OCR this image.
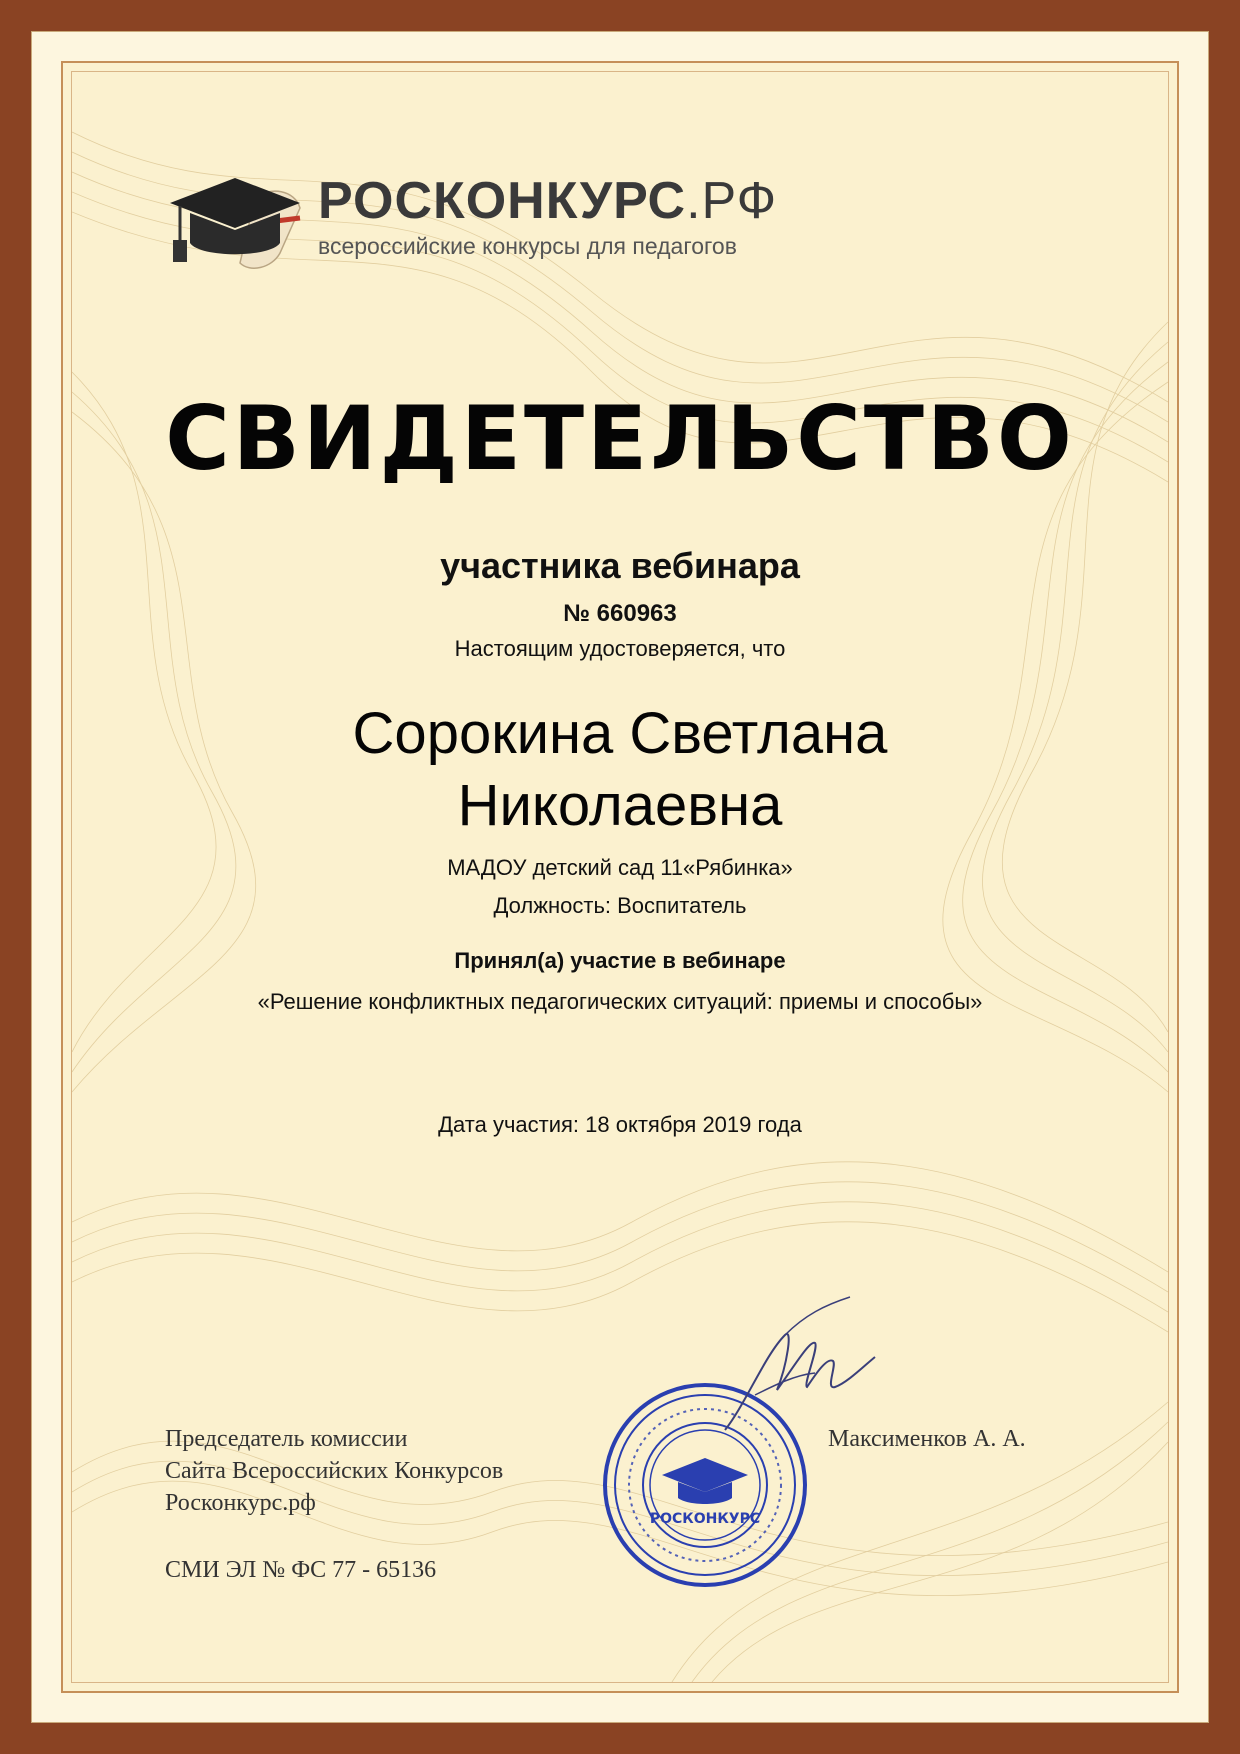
РОСКОНКУРС.РФ
всероссийские конкурсы для педагогов
СВИДЕТЕЛЬСТВО
участника вебинара
№ 660963
Настоящим удостоверяется, что
Сорокина Светлана
Николаевна
МАДОУ детский сад 11«Рябинка»
Должность: Воспитатель
Принял(а) участие в вебинаре
«Решение конфликтных педагогических ситуаций: приемы и способы»
Дата участия: 18 октября 2019 года
Председатель комиссии
Сайта Всероссийских Конкурсов
Росконкурс.рф
СМИ ЭЛ № ФС 77 - 65136
РОСКОНКУРС
Максименков А. А.
